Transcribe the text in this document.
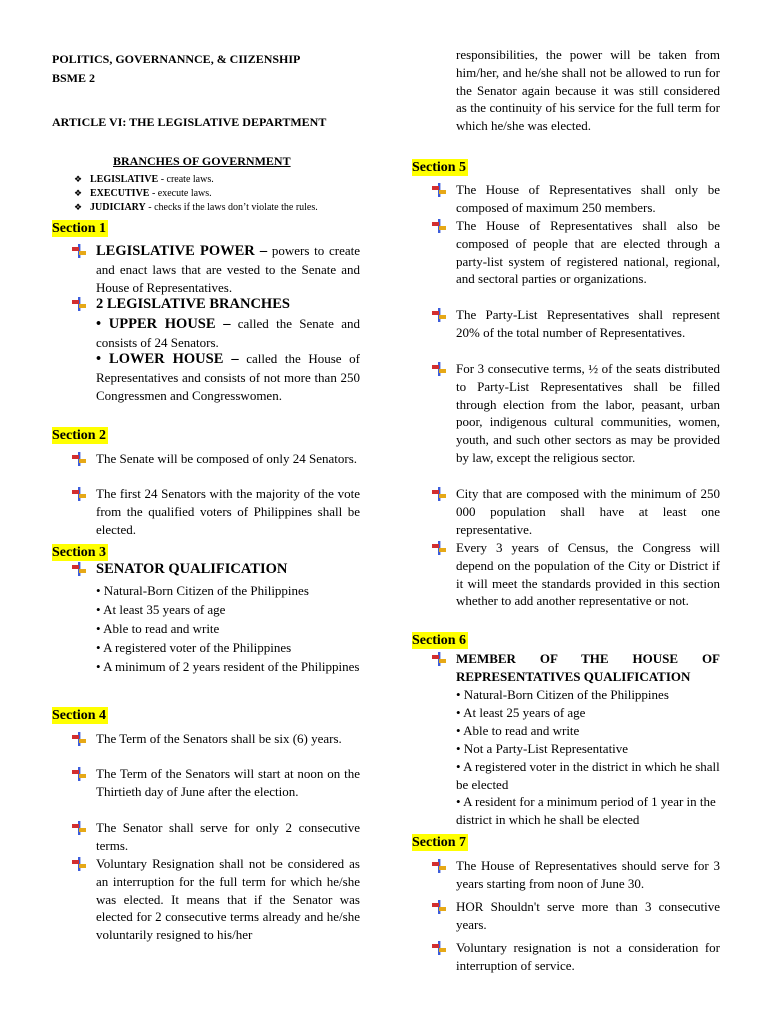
POLITICS, GOVERNANNCE, & CIIZENSHIP
BSME 2
ARTICLE VI: THE LEGISLATIVE DEPARTMENT
BRANCHES OF GOVERNMENT
❖ LEGISLATIVE - create laws.
❖ EXECUTIVE - execute laws.
❖ JUDICIARY - checks if the laws don’t violate the rules.
Section 1
LEGISLATIVE POWER – powers to create and enact laws that are vested to the Senate and House of Representatives.
2 LEGISLATIVE BRANCHES
• UPPER HOUSE – called the Senate and consists of 24 Senators.
• LOWER HOUSE – called the House of Representatives and consists of not more than 250 Congressmen and Congresswomen.
Section 2
The Senate will be composed of only 24 Senators.
The first 24 Senators with the majority of the vote from the qualified voters of Philippines shall be elected.
Section 3
SENATOR QUALIFICATION
• Natural-Born Citizen of the Philippines
• At least 35 years of age
• Able to read and write
• A registered voter of the Philippines
• A minimum of 2 years resident of the Philippines
Section 4
The Term of the Senators shall be six (6) years.
The Term of the Senators will start at noon on the Thirtieth day of June after the election.
The Senator shall serve for only 2 consecutive terms.
Voluntary Resignation shall not be considered as an interruption for the full term for which he/she was elected. It means that if the Senator was elected for 2 consecutive terms already and he/she voluntarily resigned to his/her
responsibilities, the power will be taken from him/her, and he/she shall not be allowed to run for the Senator again because it was still considered as the continuity of his service for the full term for which he/she was elected.
Section 5
The House of Representatives shall only be composed of maximum 250 members.
The House of Representatives shall also be composed of people that are elected through a party-list system of registered national, regional, and sectoral parties or organizations.
The Party-List Representatives shall represent 20% of the total number of Representatives.
For 3 consecutive terms, ½ of the seats distributed to Party-List Representatives shall be filled through election from the labor, peasant, urban poor, indigenous cultural communities, women, youth, and such other sectors as may be provided by law, except the religious sector.
City that are composed with the minimum of 250 000 population shall have at least one representative.
Every 3 years of Census, the Congress will depend on the population of the City or District if it will meet the standards provided in this section whether to add another representative or not.
Section 6
MEMBER OF THE HOUSE OF REPRESENTATIVES QUALIFICATION
• Natural-Born Citizen of the Philippines
• At least 25 years of age
• Able to read and write
• Not a Party-List Representative
• A registered voter in the district in which he shall be elected
• A resident for a minimum period of 1 year in the district in which he shall be elected
Section 7
The House of Representatives should serve for 3 years starting from noon of June 30.
HOR Shouldn't serve more than 3 consecutive years.
Voluntary resignation is not a consideration for interruption of service.
